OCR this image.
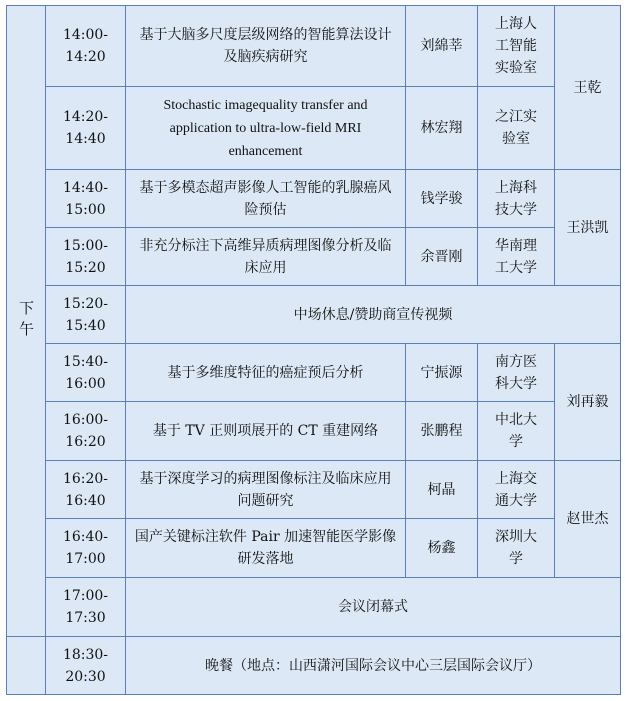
下午
14:00-14:20
基于大脑多尺度层级网络的智能算法设计及脑疾病研究
刘綿莘
上海人工智能实验室
14:20-14:40
Stochastic imagequality transfer and application to ultra-low-field MRI enhancement
林宏翔
之江实验室
王乾
14:40-15:00
基于多模态超声影像人工智能的乳腺癌风险预估
钱学骏
上海科技大学
15:00-15:20
非充分标注下高维异质病理图像分析及临床应用
余晋刚
华南理工大学
王洪凯
15:20-15:40
中场休息/赞助商宣传视频
15:40-16:00
基于多维度特征的癌症预后分析	宁振源
南方医科大学
16:00-16:20
基于 TV 正则项展开的 CT 重建网络	张鹏程
中北大学
刘再毅
16:20-16:40
基于深度学习的病理图像标注及临床应用问题研究
柯晶
上海交通大学
16:40-17:00
国产关键标注软件 Pair 加速智能医学影像研发落地
杨鑫
深圳大学
赵世杰
17:00-17:30
会议闭幕式
18:30-20:30
晚餐（地点：山西潇河国际会议中心三层国际会议厅）
